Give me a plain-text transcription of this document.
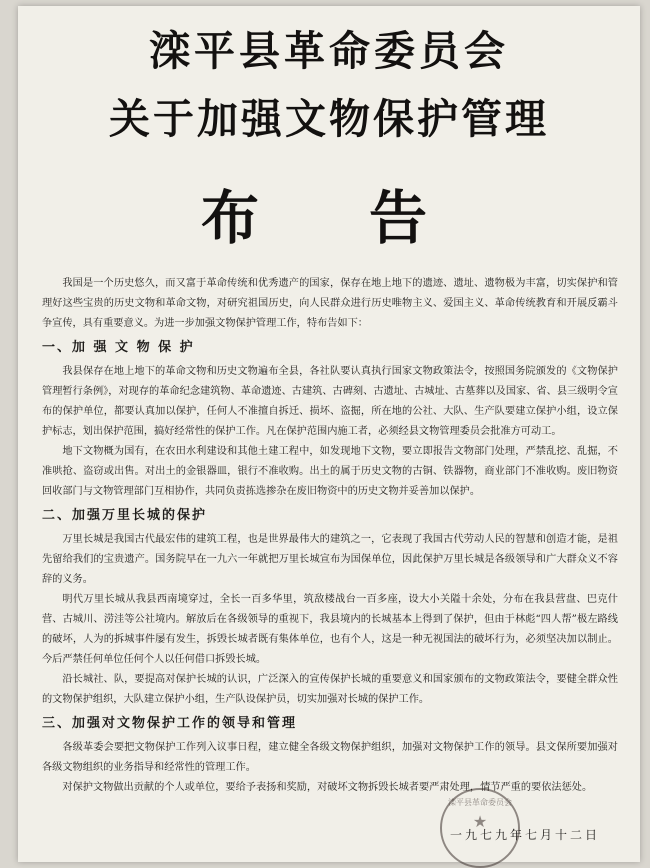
滦平县革命委员会
关于加强文物保护管理
布告

我国是一个历史悠久，而又富于革命传统和优秀遗产的国家，保存在地上地下的遗迹、遗址、遗物极为丰富，切实保护和管理好这些宝贵的历史文物和革命文物，对研究祖国历史，向人民群众进行历史唯物主义、爱国主义、革命传统教育和开展反霸斗争宣传，具有重要意义。为进一步加强文物保护管理工作，特布告如下：

一、加 强 文 物 保 护

我县保存在地上地下的革命文物和历史文物遍布全县，各社队要认真执行国家文物政策法令，按照国务院颁发的《文物保护管理暂行条例》，对现存的革命纪念建筑物、革命遗迹、古建筑、古碑刻、古遗址、古城址、古墓葬以及国家、省、县三级明令宣布的保护单位，都要认真加以保护，任何人不准擅自拆迁、损坏、盗掘，所在地的公社、大队、生产队要建立保护小组，设立保护标志，划出保护范围，搞好经常性的保护工作。凡在保护范围内施工者，必须经县文物管理委员会批准方可动工。

地下文物概为国有，在农田水利建设和其他土建工程中，如发现地下文物，要立即报告文物部门处理，严禁乱挖、乱掘，不准哄抢、盗窃或出售。对出土的金银器皿，银行不准收购。出土的属于历史文物的古铜、铁器物，商业部门不准收购。废旧物资回收部门与文物管理部门互相协作，共同负责拣选掺杂在废旧物资中的历史文物并妥善加以保护。

二、加强万里长城的保护

万里长城是我国古代最宏伟的建筑工程，也是世界最伟大的建筑之一，它表现了我国古代劳动人民的智慧和创造才能，是祖先留给我们的宝贵遗产。国务院早在一九六一年就把万里长城宣布为国保单位，因此保护万里长城是各级领导和广大群众义不容辞的义务。

明代万里长城从我县西南境穿过，全长一百多华里，筑敌楼战台一百多座，设大小关隘十余处，分布在我县营盘、巴克什营、古城川、涝洼等公社境内。解放后在各级领导的重视下，我县境内的长城基本上得到了保护，但由于林彪“四人帮”极左路线的破坏，人为的拆城事件屡有发生，拆毁长城者既有集体单位，也有个人，这是一种无视国法的破坏行为，必须坚决加以制止。今后严禁任何单位任何个人以任何借口拆毁长城。

沿长城社、队，要提高对保护长城的认识，广泛深入的宣传保护长城的重要意义和国家颁布的文物政策法令，要健全群众性的文物保护组织，大队建立保护小组，生产队设保护员，切实加强对长城的保护工作。

三、加强对文物保护工作的领导和管理

各级革委会要把文物保护工作列入议事日程，建立健全各级文物保护组织，加强对文物保护工作的领导。县文保所要加强对各级文物组织的业务指导和经常性的管理工作。

对保护文物做出贡献的个人或单位，要给予表扬和奖励，对破坏文物拆毁长城者要严肃处理，情节严重的要依法惩处。

滦平县革命委员会
★
一九七九年七月十二日
